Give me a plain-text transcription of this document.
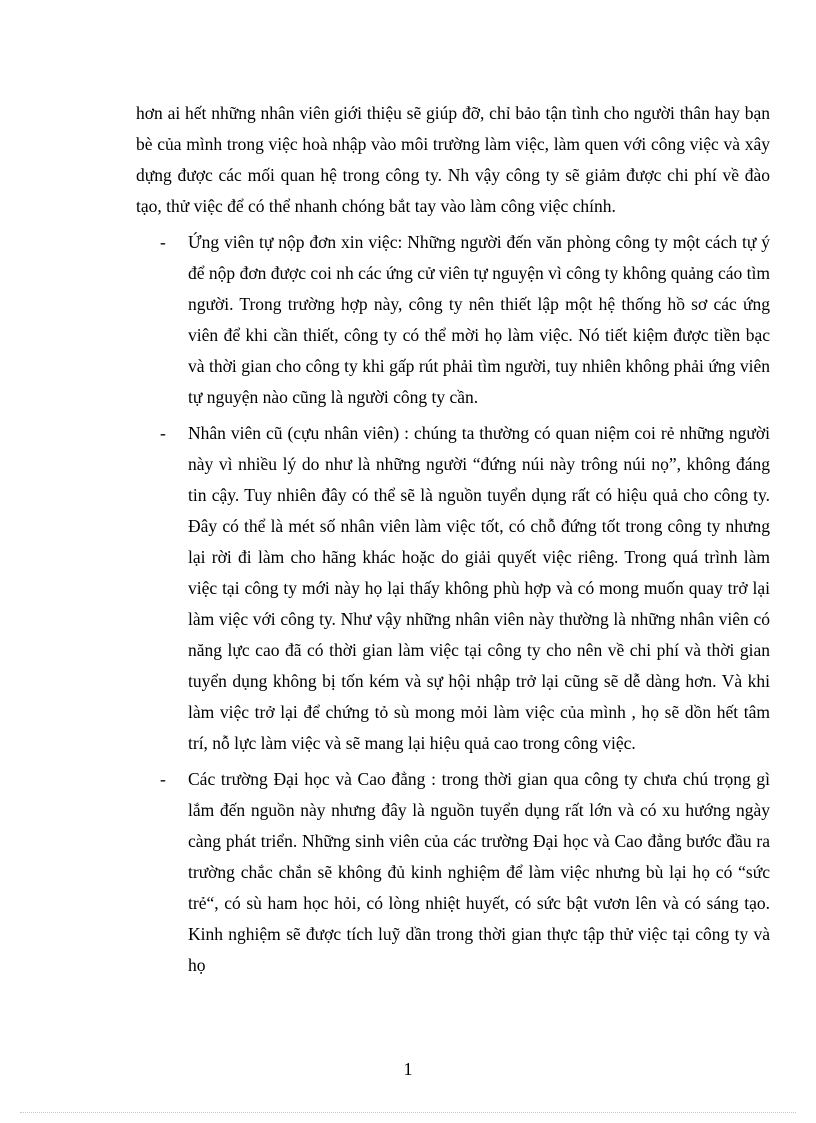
hơn ai hết những nhân viên giới thiệu sẽ giúp đỡ, chỉ bảo tận tình cho người thân hay bạn bè của mình trong việc hoà nhập vào môi trường làm việc, làm quen với công việc và xây dựng được các mối quan hệ trong công ty. Nh vậy công ty sẽ giảm được chi phí về đào tạo, thử việc để có thể nhanh chóng bắt tay vào làm công việc chính.

- Ứng viên tự nộp đơn xin việc: Những người đến văn phòng công ty một cách tự ý để nộp đơn được coi nh các ứng cử viên tự nguyện vì công ty không quảng cáo tìm người. Trong trường hợp này, công ty nên thiết lập một hệ thống hồ sơ các ứng viên để khi cần thiết, công ty có thể mời họ làm việc. Nó tiết kiệm được tiền bạc và thời gian cho công ty khi gấp rút phải tìm người, tuy nhiên không phải ứng viên tự nguyện nào cũng là người công ty cần.

- Nhân viên cũ (cựu nhân viên) : chúng ta thường có quan niệm coi rẻ những người này vì nhiều lý do như là những người “đứng núi này trông núi nọ”, không đáng tin cậy. Tuy nhiên đây có thể sẽ là nguồn tuyển dụng rất có hiệu quả cho công ty. Đây có thể là mét số nhân viên làm việc tốt, có chỗ đứng tốt trong công ty nhưng lại rời đi làm cho hãng khác hoặc do giải quyết việc riêng. Trong quá trình làm việc tại công ty mới này họ lại thấy không phù hợp và có mong muốn quay trở lại làm việc với công ty. Như vậy những nhân viên này thường là những nhân viên có năng lực cao đã có thời gian làm việc tại công ty cho nên về chi phí và thời gian tuyển dụng không bị tốn kém và sự hội nhập trở lại cũng sẽ dễ dàng hơn. Và khi làm việc trở lại để chứng tỏ sù mong mỏi làm việc của mình , họ sẽ dồn hết tâm trí, nỗ lực làm việc và sẽ mang lại hiệu quả cao trong công việc.

- Các trường Đại học và Cao đẳng : trong thời gian qua công ty chưa chú trọng gì lắm đến nguồn này nhưng đây là nguồn tuyển dụng rất lớn và có xu hướng ngày càng phát triển. Những sinh viên của các trường Đại học và Cao đẳng bước đầu ra trường chắc chắn sẽ không đủ kinh nghiệm để làm việc nhưng bù lại họ có “sức trẻ“, có sù ham học hỏi, có lòng nhiệt huyết, có sức bật vươn lên và có sáng tạo. Kinh nghiệm sẽ được tích luỹ dần trong thời gian thực tập thử việc tại công ty và họ

1
